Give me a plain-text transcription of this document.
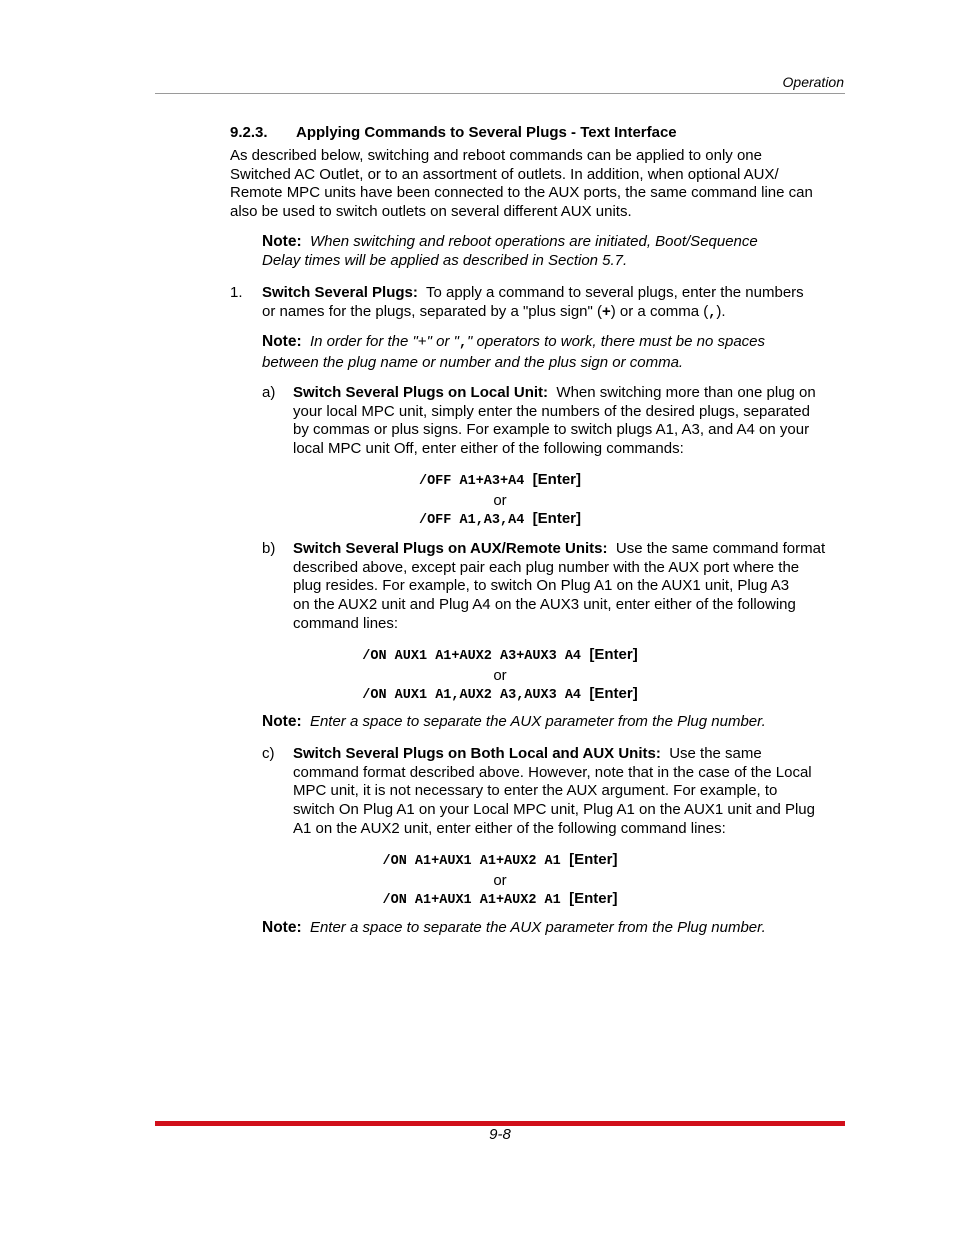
Operation
9.2.3. Applying Commands to Several Plugs - Text Interface
As described below, switching and reboot commands can be applied to only one
Switched AC Outlet, or to an assortment of outlets. In addition, when optional AUX/
Remote MPC units have been connected to the AUX ports, the same command line can
also be used to switch outlets on several different AUX units.
Note: When switching and reboot operations are initiated, Boot/Sequence
Delay times will be applied as described in Section 5.7.
1. Switch Several Plugs: To apply a command to several plugs, enter the numbers
or names for the plugs, separated by a "plus sign" (+) or a comma (,).
Note: In order for the "+" or "," operators to work, there must be no spaces
between the plug name or number and the plus sign or comma.
a) Switch Several Plugs on Local Unit: When switching more than one plug on
your local MPC unit, simply enter the numbers of the desired plugs, separated
by commas or plus signs. For example to switch plugs A1, A3, and A4 on your
local MPC unit Off, enter either of the following commands:
/OFF A1+A3+A4 [Enter]
or
/OFF A1,A3,A4 [Enter]
b) Switch Several Plugs on AUX/Remote Units: Use the same command format
described above, except pair each plug number with the AUX port where the
plug resides. For example, to switch On Plug A1 on the AUX1 unit, Plug A3
on the AUX2 unit and Plug A4 on the AUX3 unit, enter either of the following
command lines:
/ON AUX1 A1+AUX2 A3+AUX3 A4 [Enter]
or
/ON AUX1 A1,AUX2 A3,AUX3 A4 [Enter]
Note: Enter a space to separate the AUX parameter from the Plug number.
c) Switch Several Plugs on Both Local and AUX Units: Use the same
command format described above. However, note that in the case of the Local
MPC unit, it is not necessary to enter the AUX argument. For example, to
switch On Plug A1 on your Local MPC unit, Plug A1 on the AUX1 unit and Plug
A1 on the AUX2 unit, enter either of the following command lines:
/ON A1+AUX1 A1+AUX2 A1 [Enter]
or
/ON A1+AUX1 A1+AUX2 A1 [Enter]
Note: Enter a space to separate the AUX parameter from the Plug number.
9-8
